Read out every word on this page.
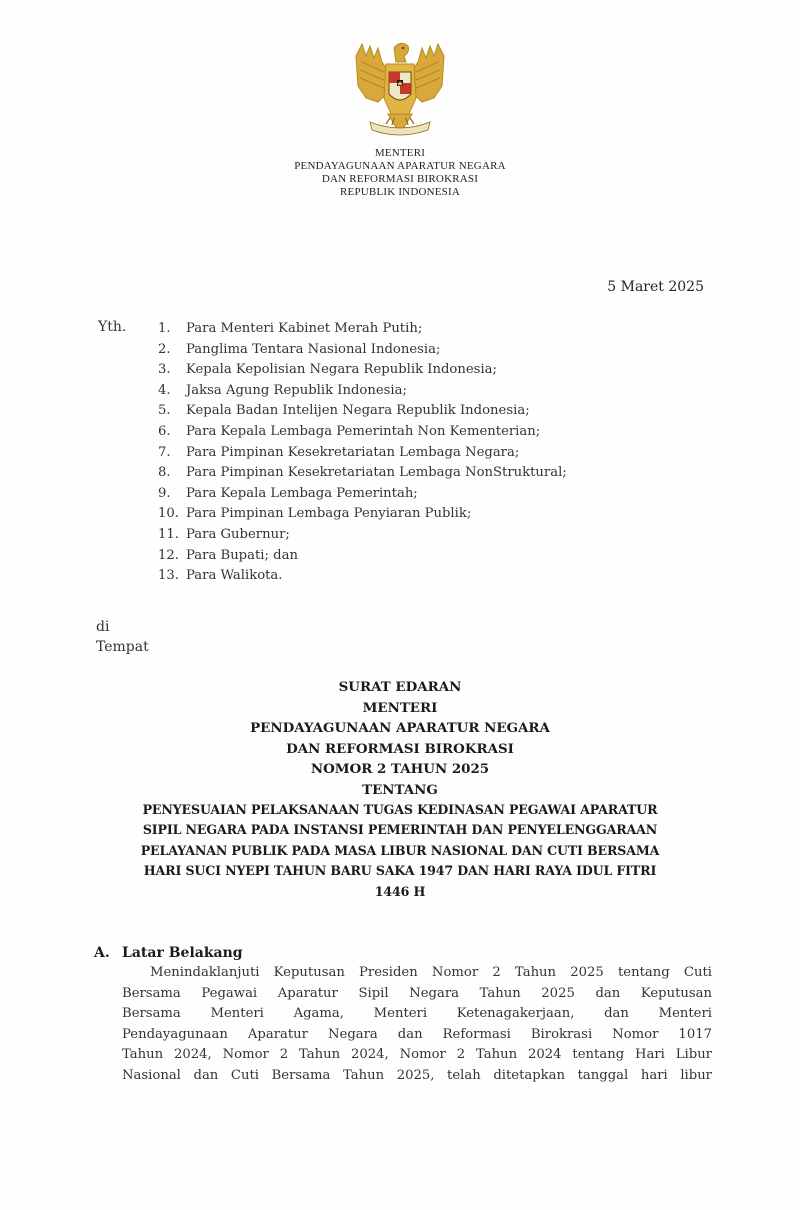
MENTERI
PENDAYAGUNAAN APARATUR NEGARA
DAN REFORMASI BIROKRASI
REPUBLIK INDONESIA
5 Maret 2025
Yth. 1.	Para Menteri Kabinet Merah Putih;
2.	Panglima Tentara Nasional Indonesia;
3.	Kepala Kepolisian Negara Republik Indonesia;
4.	Jaksa Agung Republik Indonesia;
5.	Kepala Badan Intelijen Negara Republik Indonesia;
6.	Para Kepala Lembaga Pemerintah Non Kementerian;
7.	Para Pimpinan Kesekretariatan Lembaga Negara;
8.	Para Pimpinan Kesekretariatan Lembaga NonStruktural;
9.	Para Kepala Lembaga Pemerintah;
10. Para Pimpinan Lembaga Penyiaran Publik;
11. Para Gubernur;
12. Para Bupati; dan
13. Para Walikota.
di
Tempat
SURAT EDARAN
MENTERI
PENDAYAGUNAAN APARATUR NEGARA
DAN REFORMASI BIROKRASI
NOMOR 2 TAHUN 2025
TENTANG
PENYESUAIAN PELAKSANAAN TUGAS KEDINASAN PEGAWAI APARATUR
SIPIL NEGARA PADA INSTANSI PEMERINTAH DAN PENYELENGGARAAN
PELAYANAN PUBLIK PADA MASA LIBUR NASIONAL DAN CUTI BERSAMA
HARI SUCI NYEPI TAHUN BARU SAKA 1947 DAN HARI RAYA IDUL FITRI
1446 H
A. Latar Belakang
Menindaklanjuti Keputusan Presiden Nomor 2 Tahun 2025 tentang Cuti
Bersama Pegawai Aparatur Sipil Negara Tahun 2025 dan Keputusan
Bersama Menteri Agama, Menteri Ketenagakerjaan, dan Menteri
Pendayagunaan Aparatur Negara dan Reformasi Birokrasi Nomor 1017
Tahun 2024, Nomor 2 Tahun 2024, Nomor 2 Tahun 2024 tentang Hari Libur
Nasional dan Cuti Bersama Tahun 2025, telah ditetapkan tanggal hari libur
